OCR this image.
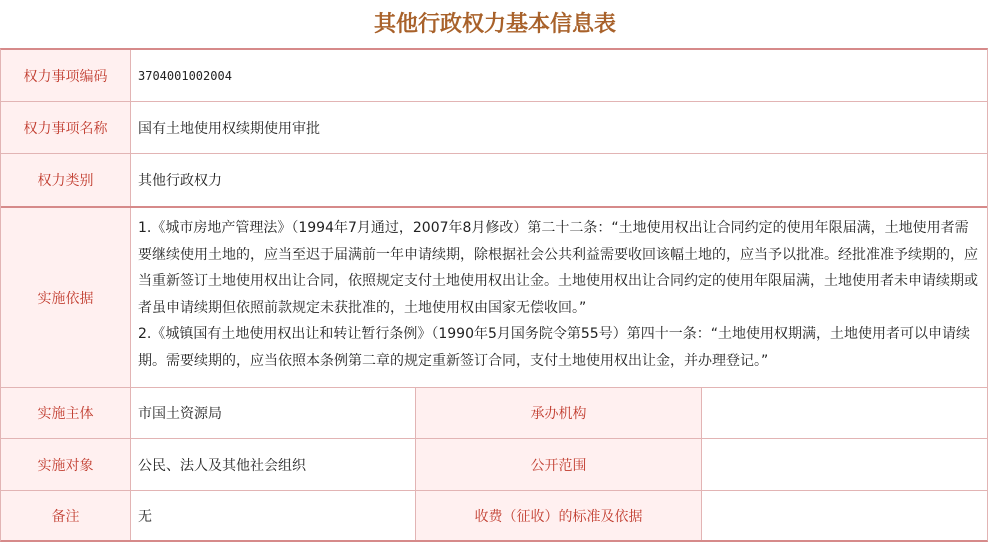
其他行政权力基本信息表
权力事项编码	3704001002004
权力事项名称	国有土地使用权续期使用审批
权力类别	其他行政权力
实施依据

1.《城市房地产管理法》（1994年7月通过，2007年8月修改）第二十二条：“土地使用权出让合同约定的使用年限届满，土地使用者需要继续使用土地的，应当至迟于届满前一年申请续期，除根据社会公共利益需要收回该幅土地的，应当予以批准。经批准准予续期的，应当重新签订土地使用权出让合同，依照规定支付土地使用权出让金。土地使用权出让合同约定的使用年限届满，土地使用者未申请续期或者虽申请续期但依照前款规定未获批准的，土地使用权由国家无偿收回。”

2.《城镇国有土地使用权出让和转让暂行条例》（1990年5月国务院令第55号）第四十一条：“土地使用权期满，土地使用者可以申请续期。需要续期的，应当依照本条例第二章的规定重新签订合同，支付土地使用权出让金，并办理登记。”

实施主体	市国土资源局	承办机构
实施对象	公民、法人及其他社会组织	公开范围
备注	无	收费（征收）的标准及依据
